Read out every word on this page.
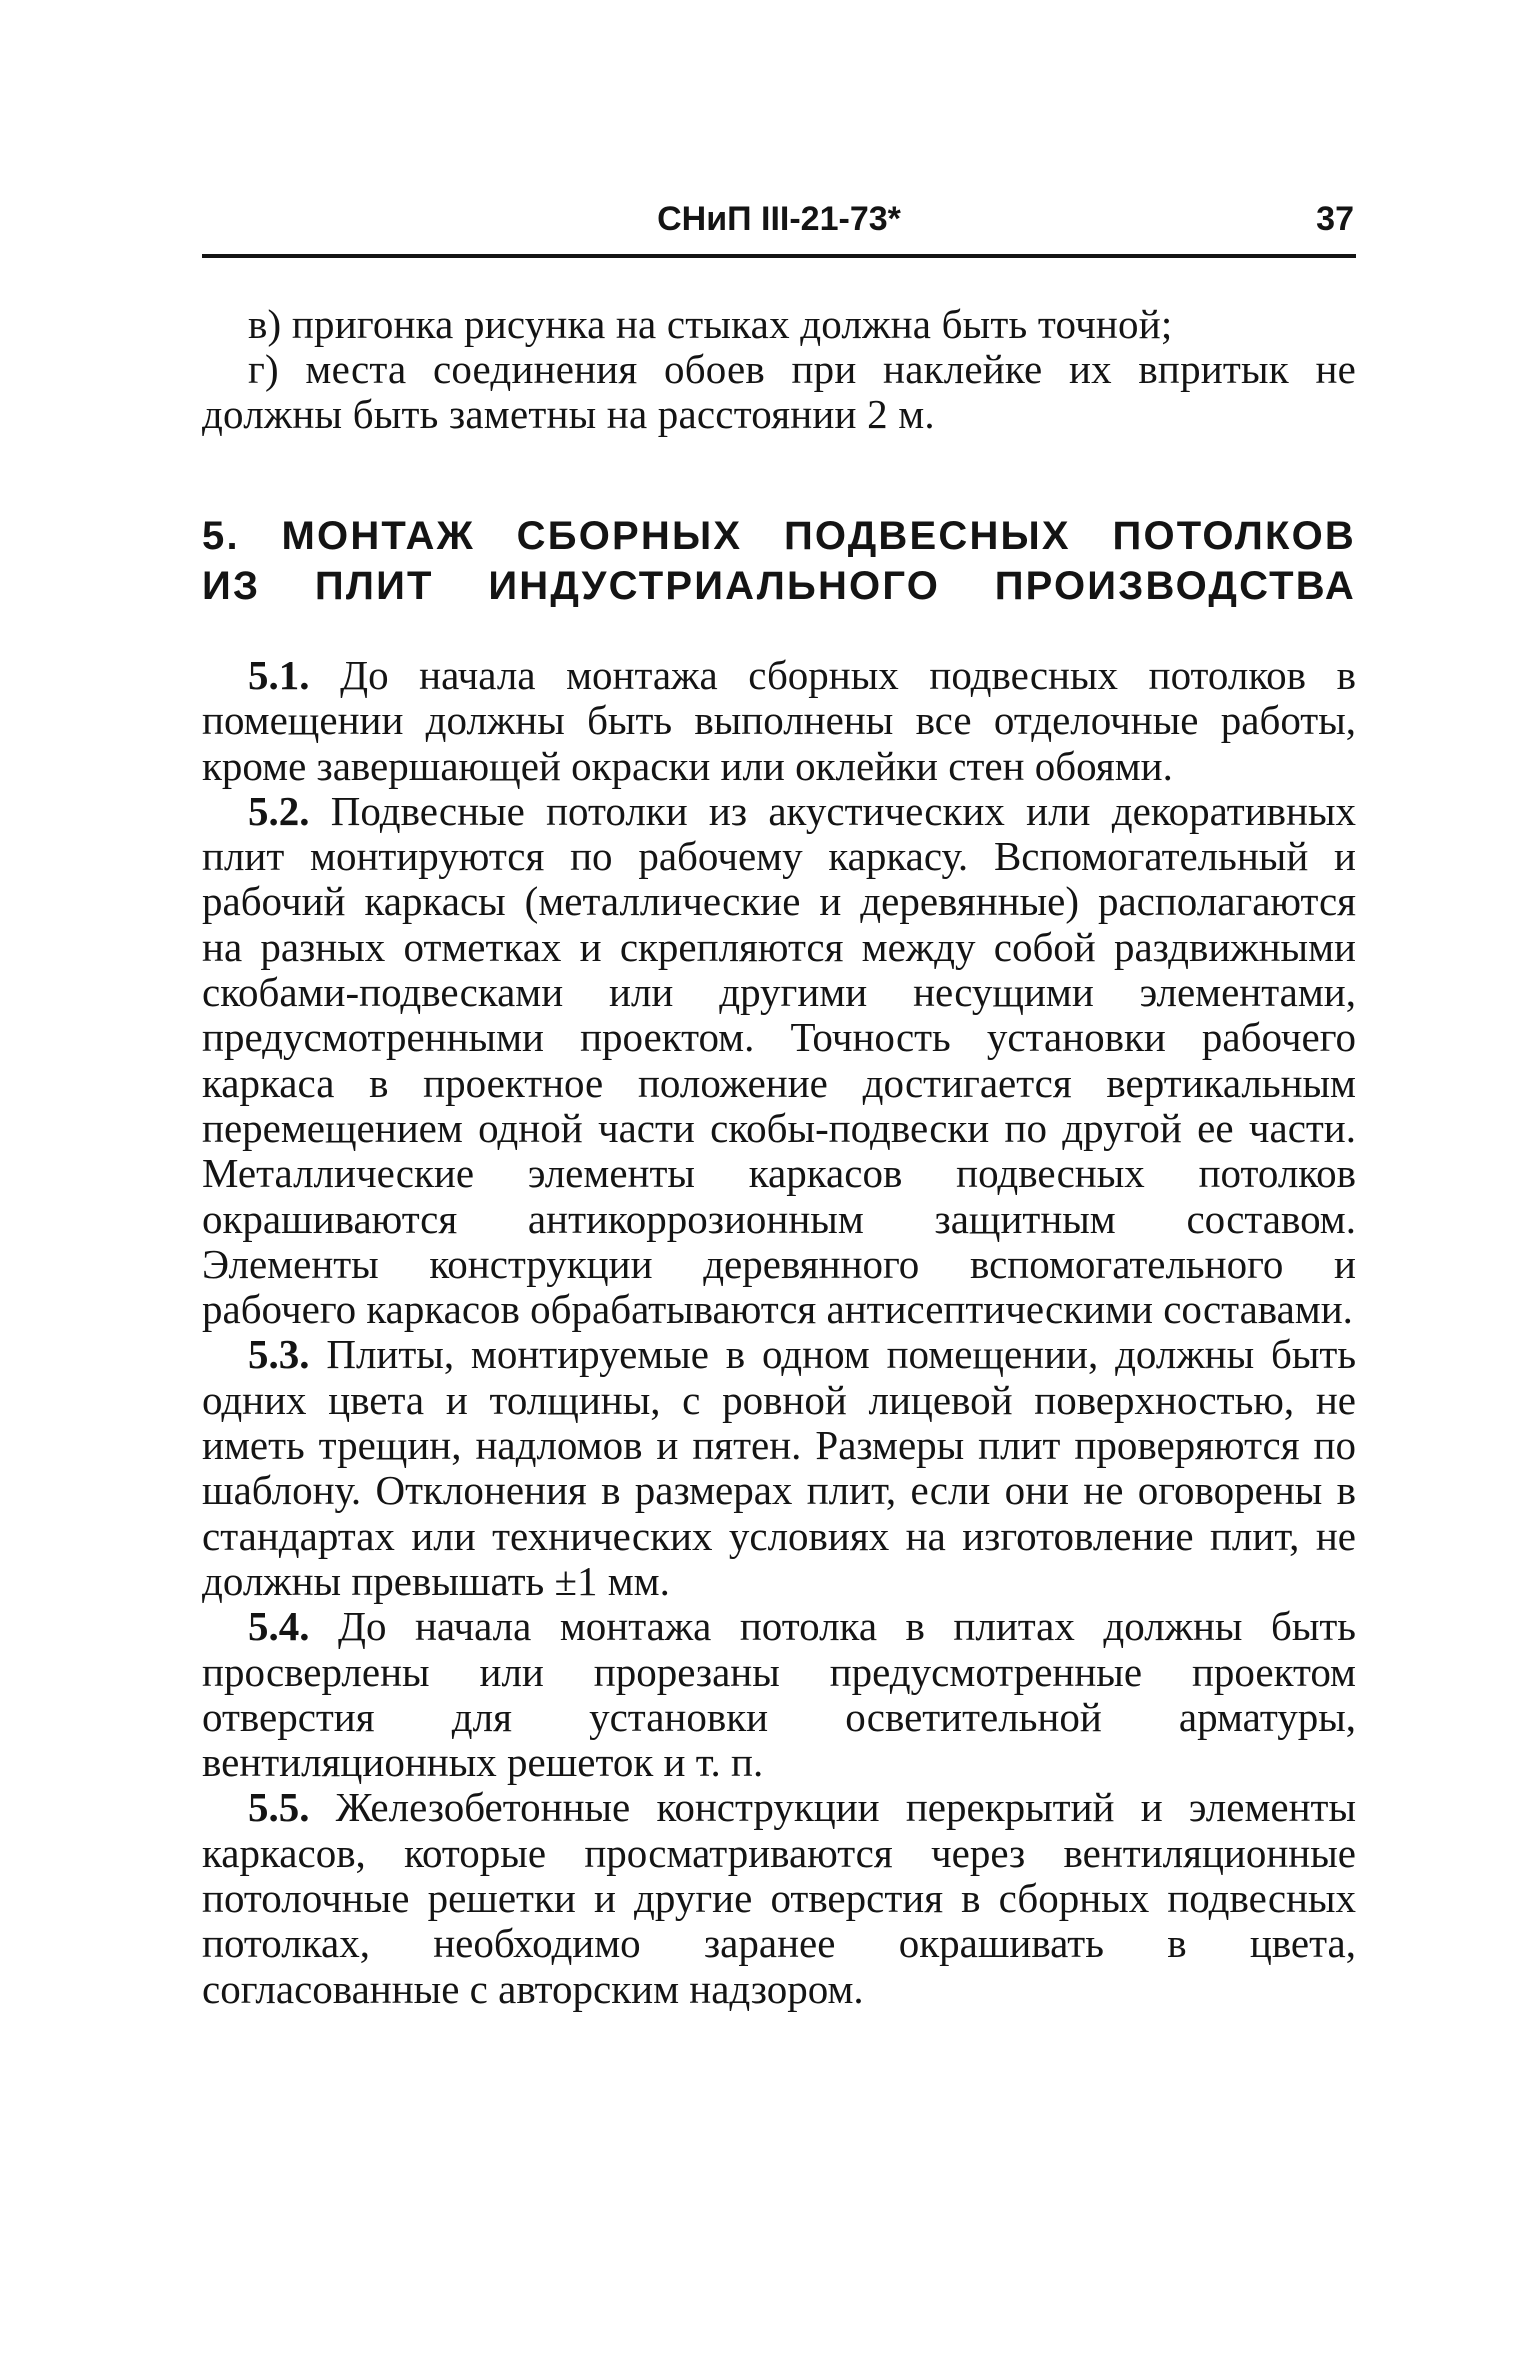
СНиП III-21-73*	37

в) пригонка рисунка на стыках должна быть точной;

г) места соединения обоев при наклейке их впритык не должны быть заметны на расстоянии 2 м.

5. МОНТАЖ СБОРНЫХ ПОДВЕСНЫХ ПОТОЛКОВ
ИЗ ПЛИТ ИНДУСТРИАЛЬНОГО ПРОИЗВОДСТВА

5.1. До начала монтажа сборных подвесных потолков в помещении должны быть выполнены все отделочные работы, кроме завершающей окраски или оклейки стен обоями.

5.2. Подвесные потолки из акустических или декоративных плит монтируются по рабочему каркасу. Вспомогательный и рабочий каркасы (металлические и деревянные) располагаются на разных отметках и скрепляются между собой раздвижными скобами-подвесками или другими несущими элементами, предусмотренными проектом. Точность установки рабочего каркаса в проектное положение достигается вертикальным перемещением одной части скобы-подвески по другой ее части. Металлические элементы каркасов подвесных потолков окрашиваются антикоррозионным защитным составом. Элементы конструкции деревянного вспомогательного и рабочего каркасов обрабатываются антисептическими составами.

5.3. Плиты, монтируемые в одном помещении, должны быть одних цвета и толщины, с ровной лицевой поверхностью, не иметь трещин, надломов и пятен. Размеры плит проверяются по шаблону. Отклонения в размерах плит, если они не оговорены в стандартах или технических условиях на изготовление плит, не должны превышать ±1 мм.

5.4. До начала монтажа потолка в плитах должны быть просверлены или прорезаны предусмотренные проектом отверстия для установки осветительной арматуры, вентиляционных решеток и т. п.

5.5. Железобетонные конструкции перекрытий и элементы каркасов, которые просматриваются через вентиляционные потолочные решетки и другие отверстия в сборных подвесных потолках, необходимо заранее окрашивать в цвета, согласованные с авторским надзором.
